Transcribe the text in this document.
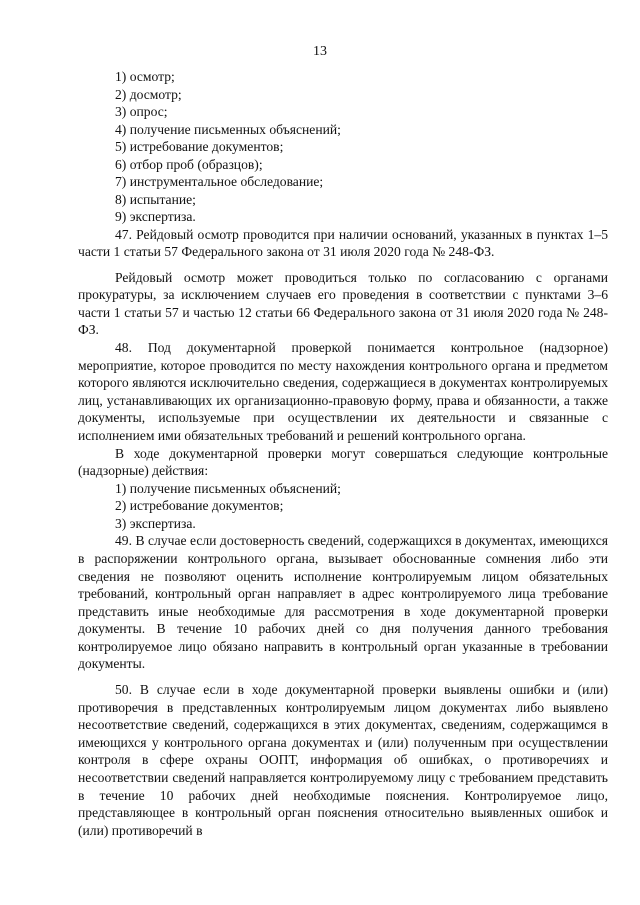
13
1) осмотр;
2) досмотр;
3) опрос;
4) получение письменных объяснений;
5) истребование документов;
6) отбор проб (образцов);
7) инструментальное обследование;
8) испытание;
9) экспертиза.

47. Рейдовый осмотр проводится при наличии оснований, указанных в пунктах 1–5 части 1 статьи 57 Федерального закона от 31 июля 2020 года № 248-ФЗ.

Рейдовый осмотр может проводиться только по согласованию с органами прокуратуры, за исключением случаев его проведения в соответствии с пунктами 3–6 части 1 статьи 57 и частью 12 статьи 66 Федерального закона от 31 июля 2020 года № 248-ФЗ.

48. Под документарной проверкой понимается контрольное (надзорное) мероприятие, которое проводится по месту нахождения контрольного органа и предметом которого являются исключительно сведения, содержащиеся в документах контролируемых лиц, устанавливающих их организационно-правовую форму, права и обязанности, а также документы, используемые при осуществлении их деятельности и связанные с исполнением ими обязательных требований и решений контрольного органа.

В ходе документарной проверки могут совершаться следующие контрольные (надзорные) действия:

1) получение письменных объяснений;
2) истребование документов;
3) экспертиза.

49. В случае если достоверность сведений, содержащихся в документах, имеющихся в распоряжении контрольного органа, вызывает обоснованные сомнения либо эти сведения не позволяют оценить исполнение контролируемым лицом обязательных требований, контрольный орган направляет в адрес контролируемого лица требование представить иные необходимые для рассмотрения в ходе документарной проверки документы. В течение 10 рабочих дней со дня получения данного требования контролируемое лицо обязано направить в контрольный орган указанные в требовании документы.

50. В случае если в ходе документарной проверки выявлены ошибки и (или) противоречия в представленных контролируемым лицом документах либо выявлено несоответствие сведений, содержащихся в этих документах, сведениям, содержащимся в имеющихся у контрольного органа документах и (или) полученным при осуществлении контроля в сфере охраны ООПТ, информация об ошибках, о противоречиях и несоответствии сведений направляется контролируемому лицу с требованием представить в течение 10 рабочих дней необходимые пояснения. Контролируемое лицо, представляющее в контрольный орган пояснения относительно выявленных ошибок и (или) противоречий в
